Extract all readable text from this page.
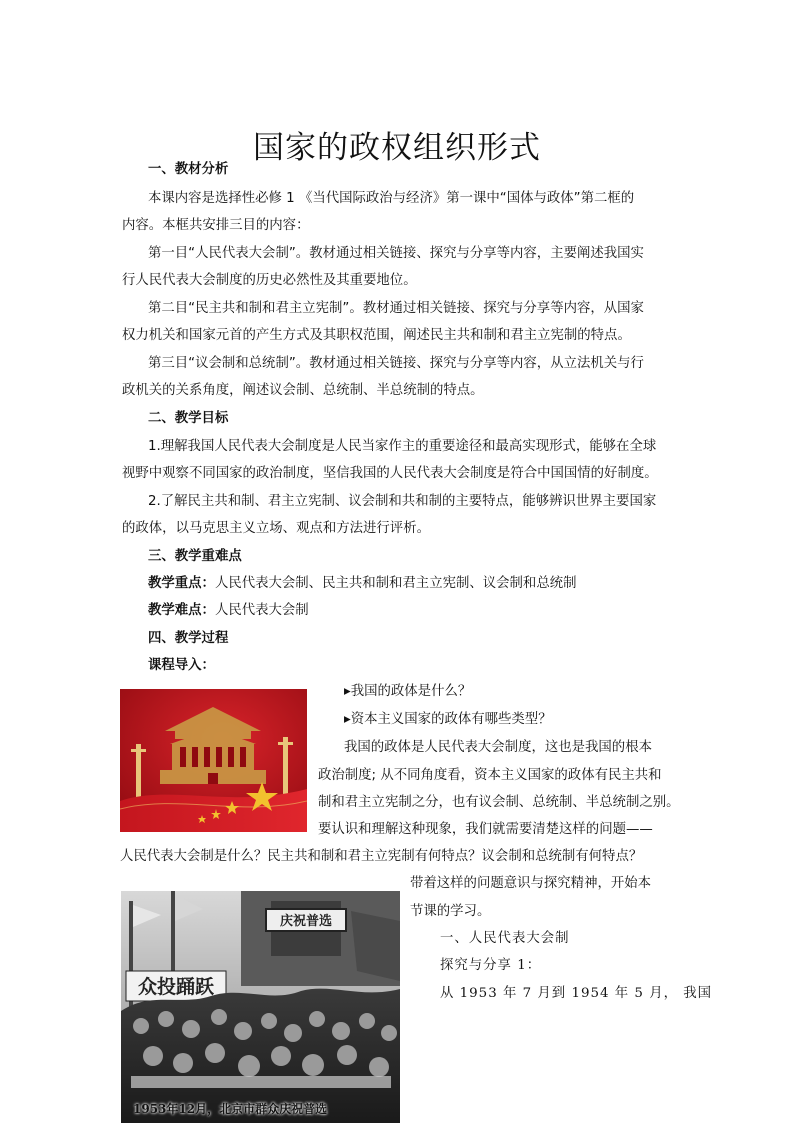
国家的政权组织形式
一、教材分析
本课内容是选择性必修 1 《当代国际政治与经济》第一课中“国体与政体”第二框的
内容。本框共安排三目的内容：
第一目“人民代表大会制”。教材通过相关链接、探究与分享等内容，主要阐述我国实
行人民代表大会制度的历史必然性及其重要地位。
第二目“民主共和制和君主立宪制”。教材通过相关链接、探究与分享等内容，从国家
权力机关和国家元首的产生方式及其职权范围，阐述民主共和制和君主立宪制的特点。
第三目“议会制和总统制”。教材通过相关链接、探究与分享等内容，从立法机关与行
政机关的关系角度，阐述议会制、总统制、半总统制的特点。
二、教学目标
1.理解我国人民代表大会制度是人民当家作主的重要途径和最高实现形式，能够在全球
视野中观察不同国家的政治制度，坚信我国的人民代表大会制度是符合中国国情的好制度。
2.了解民主共和制、君主立宪制、议会制和共和制的主要特点，能够辨识世界主要国家
的政体，以马克思主义立场、观点和方法进行评析。
三、教学重难点
教学重点：人民代表大会制、民主共和制和君主立宪制、议会制和总统制
教学难点：人民代表大会制
四、教学过程
课程导入：
▸我国的政体是什么？
▸资本主义国家的政体有哪些类型？
我国的政体是人民代表大会制度，这也是我国的根本
政治制度; 从不同角度看，资本主义国家的政体有民主共和
制和君主立宪制之分，也有议会制、总统制、半总统制之别。
要认识和理解这种现象，我们就需要清楚这样的问题——
人民代表大会制是什么？民主共和制和君主立宪制有何特点？议会制和总统制有何特点？
庆祝普选
众投踊跃
1953年12月，北京市群众庆祝普选
带着这样的问题意识与探究精神，开始本
节课的学习。
一、人民代表大会制
探究与分享 1：
从 1953 年 7 月到 1954 年 5 月， 我国
